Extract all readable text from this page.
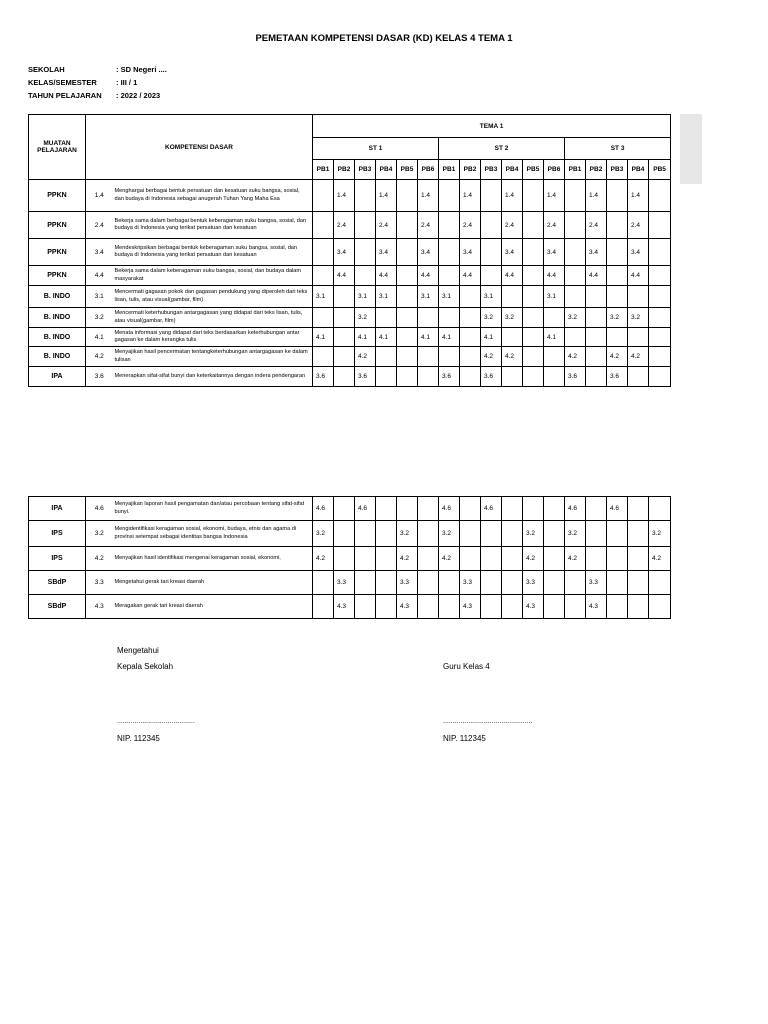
PEMETAAN KOMPETENSI DASAR (KD) KELAS 4 TEMA 1
SEKOLAH	: SD Negeri ....
KELAS/SEMESTER	: III / 1
TAHUN PELAJARAN	: 2022 / 2023
MUATAN PELAJARAN	KOMPETENSI DASAR		TEMA 1																
			ST 1						ST 2						ST 3				
			PB1	PB2	PB3	PB4	PB5	PB6	PB1	PB2	PB3	PB4	PB5	PB6	PB1	PB2	PB3	PB4	PB5
PPKN	1.4	Menghargai berbagai bentuk persatuan dan kesatuan suku bangsa, sosial, dan budaya di Indonesia sebagai anugerah Tuhan Yang Maha Esa		1.4		1.4		1.4		1.4		1.4		1.4		1.4		1.4	
PPKN	2.4	Bekerja sama dalam berbagai bentuk keberagaman suku bangsa, sosial, dan budaya di Indonesia yang terikat persatuan dan kesatuan		2.4		2.4		2.4		2.4		2.4		2.4		2.4		2.4	
PPKN	3.4	Mendeskripsikan berbagai bentuk keberagaman suku bangsa, sosial, dan budaya di Indonesia yang terikat persatuan dan kesatuan		3.4		3.4		3.4		3.4		3.4		3.4		3.4		3.4	
PPKN	4.4	Bekerja sama dalam keberagaman suku bangsa, sosial, dan budaya dalam masyarakat		4.4		4.4		4.4		4.4		4.4		4.4		4.4		4.4	
B. INDO	3.1	Mencermati gagasan pokok dan gagasan pendukung yang diperoleh dari teks lisan, tulis, atau visual(gambar, film)	3.1		3.1	3.1		3.1	3.1		3.1			3.1					
B. INDO	3.2	Mencermati keterhubungan antargagasan yang didapat dari teks lisan, tulis, atau visual(gambar, film)			3.2						3.2	3.2			3.2		3.2	3.2	
B. INDO	4.1	Menata informasi yang didapat dari teks berdasarkan keterhubungan antar gagasan ke dalam kerangka tulis	4.1		4.1	4.1		4.1	4.1		4.1			4.1					
B. INDO	4.2	Menyajikan hasil pencermatan tentangketerhubungan antargagasan ke dalam tulisan			4.2						4.2	4.2			4.2		4.2	4.2	
IPA	3.6	Menerapkan sifat-sifat bunyi dan keterkaitannya dengan indera pendengaran	3.6		3.6				3.6		3.6				3.6		3.6		
IPA	4.6	Menyajikan laporan hasil pengamatan dan/atau percobaan tentang sifat-sifat bunyi.	4.6		4.6				4.6		4.6				4.6		4.6		
IPS	3.2	Mengidentifikasi keragaman sosial, ekonomi, budaya, etnis dan agama di provinsi setempat sebagai identitas bangsa Indonesia	3.2				3.2		3.2				3.2		3.2				3.2
IPS	4.2	Menyajikan hasil identifikasi mengenai keragaman sosial, ekonomi,	4.2				4.2		4.2				4.2		4.2				4.2
SBdP	3.3	Mengetahui gerak tari kreasi daerah		3.3			3.3			3.3			3.3			3.3			
SBdP	4.3	Meragakan gerak tari kreasi daerah		4.3			4.3			4.3			4.3			4.3			
Mengetahui
Kepala Sekolah	Guru Kelas 4
........................................	..............................................
NIP. 112345	NIP. 112345
